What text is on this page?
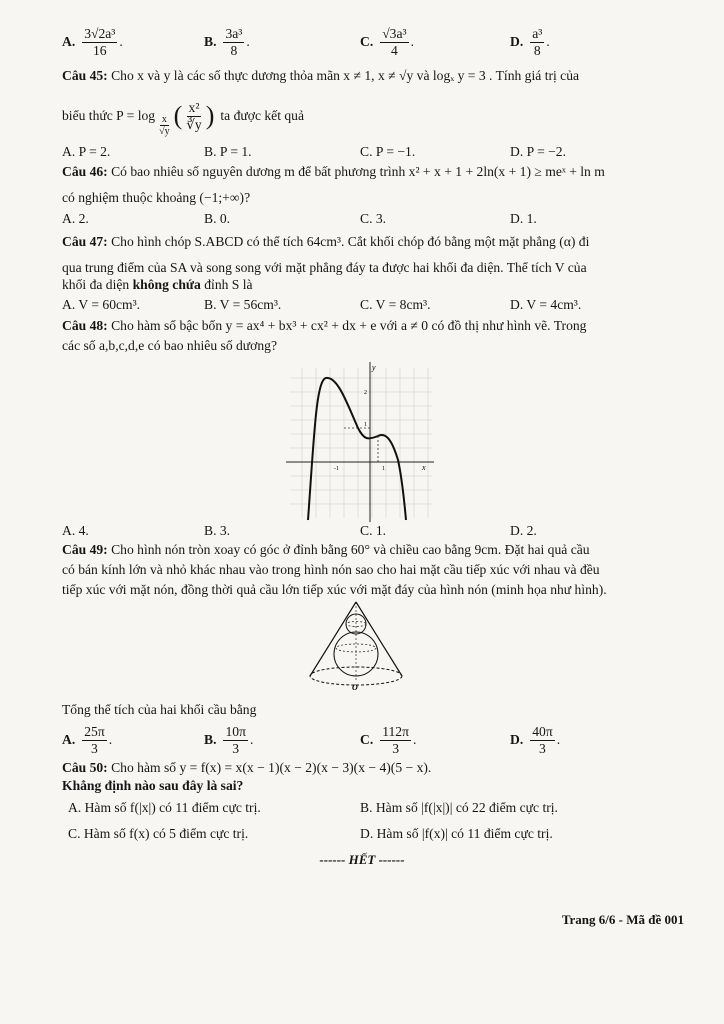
A. $\frac{\text{3√2a³}}{16}$ .	B. $\frac{\text{3a³}}{8}$ .	C. $\frac{\text{√3a³}}{4}$ .	D. $\frac{\text{a³}}{8}$ .
Câu 45: Cho x và y là các số thực dương thỏa mãn x ≠ 1, x ≠ √y và logₓ y = 3 . Tính giá trị của
biểu thức $P = \log \frac{x}{√y}$ ( $\frac{\text{x²}}{∛y}$ ) ta được kết quả
A. P = 2.	B. P = 1.	C. P = −1.	D. P = −2.
Câu 46: Có bao nhiêu số nguyên dương m để bất phương trình x² + x + 1 + 2ln(x + 1) ≥ meˣ + ln m
có nghiệm thuộc khoảng (−1;+∞)?
A. 2.	B. 0.	C. 3.	D. 1.
Câu 47: Cho hình chóp S.ABCD có thể tích 64cm³. Cắt khối chóp đó bằng một mặt phẳng (α) đi
qua trung điểm của SA và song song với mặt phẳng đáy ta được hai khối đa diện. Thể tích V của
khối đa diện không chứa đỉnh S là
A. V = 60cm³.	B. V = 56cm³.	C. V = 8cm³.	D. V = 4cm³.
Câu 48: Cho hàm số bậc bốn y = ax⁴ + bx³ + cx² + dx + e với a ≠ 0 có đồ thị như hình vẽ. Trong
các số a,b,c,d,e có bao nhiêu số dương?
y
x
-1	1
2
1
A. 4.	B. 3.	C. 1.	D. 2.
Câu 49: Cho hình nón tròn xoay có góc ở đỉnh bằng 60° và chiều cao bằng 9cm. Đặt hai quả cầu
có bán kính lớn và nhỏ khác nhau vào trong hình nón sao cho hai mặt cầu tiếp xúc với nhau và đều
tiếp xúc với mặt nón, đồng thời quả cầu lớn tiếp xúc với mặt đáy của hình nón (minh họa như hình).
O
Tổng thể tích của hai khối cầu bằng
A. $\frac{25\pi}{3}$ .	B. $\frac{10\pi}{3}$ .	C. $\frac{112\pi}{3}$ .	D. $\frac{40\pi}{3}$ .
Câu 50: Cho hàm số y = f(x) = x(x − 1)(x − 2)(x − 3)(x − 4)(5 − x).
Khẳng định nào sau đây là sai?
A. Hàm số f(|x|) có 11 điểm cực trị.	B. Hàm số |f(|x|)| có 22 điểm cực trị.
C. Hàm số f(x) có 5 điểm cực trị.	D. Hàm số |f(x)| có 11 điểm cực trị.
------ HẾT ------
Trang 6/6 - Mã đề 001
